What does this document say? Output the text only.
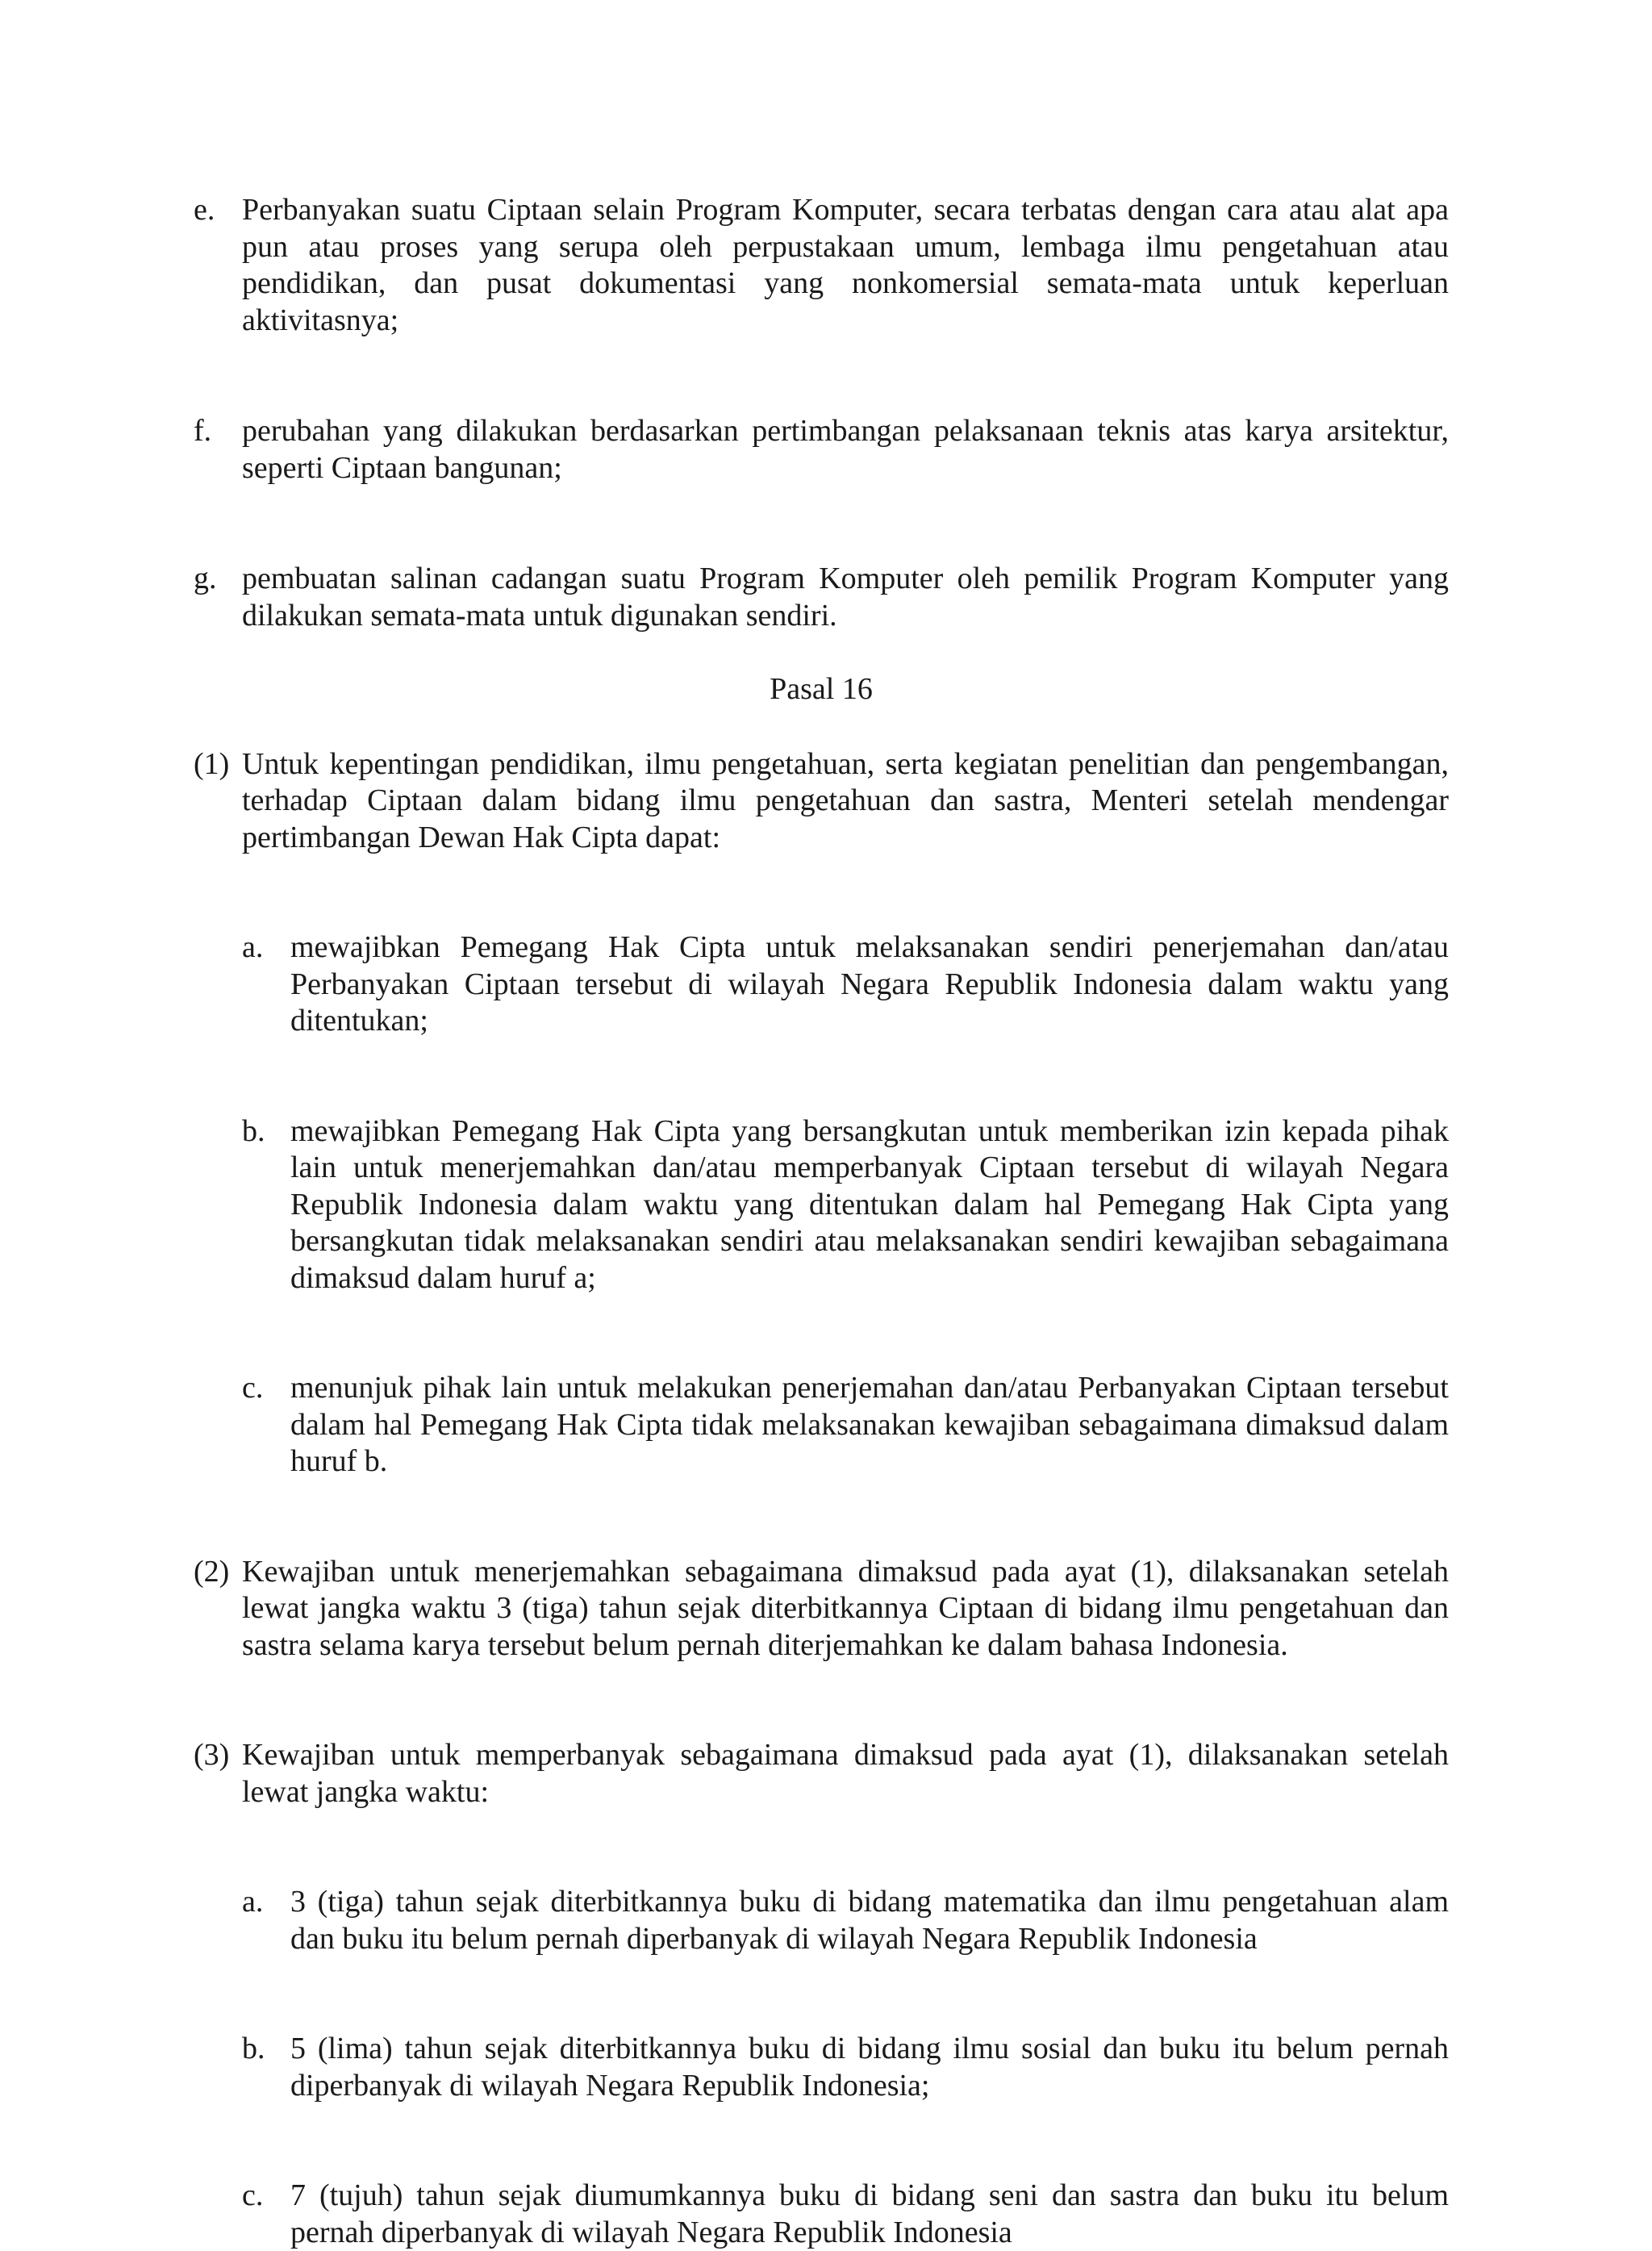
e. Perbanyakan suatu Ciptaan selain Program Komputer, secara terbatas dengan cara atau alat apa pun atau proses yang serupa oleh perpustakaan umum, lembaga ilmu pengetahuan atau pendidikan, dan pusat dokumentasi yang nonkomersial semata-mata untuk keperluan aktivitasnya;
f. perubahan yang dilakukan berdasarkan pertimbangan pelaksanaan teknis atas karya arsitektur, seperti Ciptaan bangunan;
g. pembuatan salinan cadangan suatu Program Komputer oleh pemilik Program Komputer yang dilakukan semata-mata untuk digunakan sendiri.
Pasal 16
(1) Untuk kepentingan pendidikan, ilmu pengetahuan, serta kegiatan penelitian dan pengembangan, terhadap Ciptaan dalam bidang ilmu pengetahuan dan sastra, Menteri setelah mendengar pertimbangan Dewan Hak Cipta dapat:
a. mewajibkan Pemegang Hak Cipta untuk melaksanakan sendiri penerjemahan dan/atau Perbanyakan Ciptaan tersebut di wilayah Negara Republik Indonesia dalam waktu yang ditentukan;
b. mewajibkan Pemegang Hak Cipta yang bersangkutan untuk memberikan izin kepada pihak lain untuk menerjemahkan dan/atau memperbanyak Ciptaan tersebut di wilayah Negara Republik Indonesia dalam waktu yang ditentukan dalam hal Pemegang Hak Cipta yang bersangkutan tidak melaksanakan sendiri atau melaksanakan sendiri kewajiban sebagaimana dimaksud dalam huruf a;
c. menunjuk pihak lain untuk melakukan penerjemahan dan/atau Perbanyakan Ciptaan tersebut dalam hal Pemegang Hak Cipta tidak melaksanakan kewajiban sebagaimana dimaksud dalam huruf b.
(2) Kewajiban untuk menerjemahkan sebagaimana dimaksud pada ayat (1), dilaksanakan setelah lewat jangka waktu 3 (tiga) tahun sejak diterbitkannya Ciptaan di bidang ilmu pengetahuan dan sastra selama karya tersebut belum pernah diterjemahkan ke dalam bahasa Indonesia.
(3) Kewajiban untuk memperbanyak sebagaimana dimaksud pada ayat (1), dilaksanakan setelah lewat jangka waktu:
a. 3 (tiga) tahun sejak diterbitkannya buku di bidang matematika dan ilmu pengetahuan alam dan buku itu belum pernah diperbanyak di wilayah Negara Republik Indonesia
b. 5 (lima) tahun sejak diterbitkannya buku di bidang ilmu sosial dan buku itu belum pernah diperbanyak di wilayah Negara Republik Indonesia;
c. 7 (tujuh) tahun sejak diumumkannya buku di bidang seni dan sastra dan buku itu belum pernah diperbanyak di wilayah Negara Republik Indonesia
